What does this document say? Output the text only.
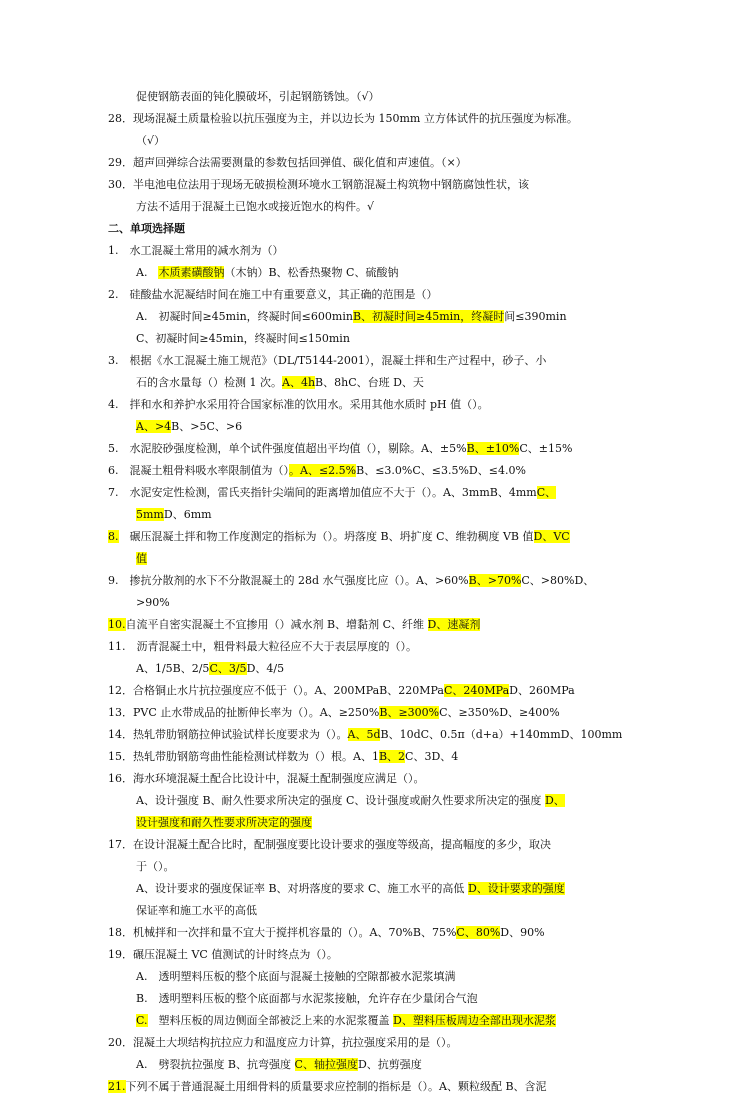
促使钢筋表面的钝化膜破坏，引起钢筋锈蚀。（√）
28．现场混凝土质量检验以抗压强度为主，并以边长为 150mm 立方体试件的抗压强度为标准。
（√）
29．超声回弹综合法需要测量的参数包括回弹值、碳化值和声速值。（×）
30．半电池电位法用于现场无破损检测环境水工钢筋混凝土构筑物中钢筋腐蚀性状，该
方法不适用于混凝土已饱水或接近饱水的构件。√
二、单项选择题
1.　水工混凝土常用的减水剂为（）
A.　木质素磺酸钠（木钠）B、松香热聚物 C、硫酸钠
2.　硅酸盐水泥凝结时间在施工中有重要意义，其正确的范围是（）
A.　初凝时间≥45min，终凝时间≤600minB、初凝时间≥45min，终凝时间≤390min
C、初凝时间≥45min，终凝时间≤150min
3.　根据《水工混凝土施工规范》（DL/T5144-2001），混凝土拌和生产过程中，砂子、小
石的含水量每（）检测 1 次。A、4hB、8hC、台班 D、天
4.　拌和水和养护水采用符合国家标准的饮用水。采用其他水质时 pH 值（）。
A、>4B、>5C、>6
5.　水泥胶砂强度检测，单个试件强度值超出平均值（），剔除。A、±5%B、±10%C、±15%
6.　混凝土粗骨料吸水率限制值为（）。A、≤2.5%B、≤3.0%C、≤3.5%D、≤4.0%
7.　水泥安定性检测，雷氏夹指针尖端间的距离增加值应不大于（）。A、3mmB、4mmC、
5mmD、6mm
8.　碾压混凝土拌和物工作度测定的指标为（）。坍落度 B、坍扩度 C、维勃稠度 VB 值D、VC
值
9.　掺抗分散剂的水下不分散混凝土的 28d 水气强度比应（）。A、>60%B、>70%C、>80%D、
>90%
10.自流平自密实混凝土不宜掺用（）减水剂 B、增黏剂 C、纤维 D、速凝剂
11.　沥青混凝土中，粗骨料最大粒径应不大于表层厚度的（）。
A、1/5B、2/5C、3/5D、4/5
12．合格铜止水片抗拉强度应不低于（）。A、200MPaB、220MPaC、240MPaD、260MPa
13．PVC 止水带成品的扯断伸长率为（）。A、≥250%B、≥300%C、≥350%D、≥400%
14．热轧带肋钢筋拉伸试验试样长度要求为（）。A、5dB、10dC、0.5π（d+a）+140mmD、100mm
15．热轧带肋钢筋弯曲性能检测试样数为（）根。A、1B、2C、3D、4
16．海水环境混凝土配合比设计中，混凝土配制强度应满足（）。
A、设计强度 B、耐久性要求所决定的强度 C、设计强度或耐久性要求所决定的强度 D、
设计强度和耐久性要求所决定的强度
17．在设计混凝土配合比时，配制强度要比设计要求的强度等级高，提高幅度的多少，取决
于（）。
A、设计要求的强度保证率 B、对坍落度的要求 C、施工水平的高低 D、设计要求的强度
保证率和施工水平的高低
18．机械拌和一次拌和量不宜大于搅拌机容量的（）。A、70%B、75%C、80%D、90%
19．碾压混凝土 VC 值测试的计时终点为（）。
A.　透明塑料压板的整个底面与混凝土接触的空隙都被水泥浆填满
B.　透明塑料压板的整个底面都与水泥浆接触，允许存在少量闭合气泡
C.　塑料压板的周边侧面全部被泛上来的水泥浆覆盖 D、塑料压板周边全部出现水泥浆
20．混凝土大坝结构抗拉应力和温度应力计算，抗拉强度采用的是（）。
A.　劈裂抗拉强度 B、抗弯强度 C、轴拉强度D、抗剪强度
21.下列不属于普通混凝土用细骨料的质量要求应控制的指标是（）。A、颗粒级配 B、含泥
